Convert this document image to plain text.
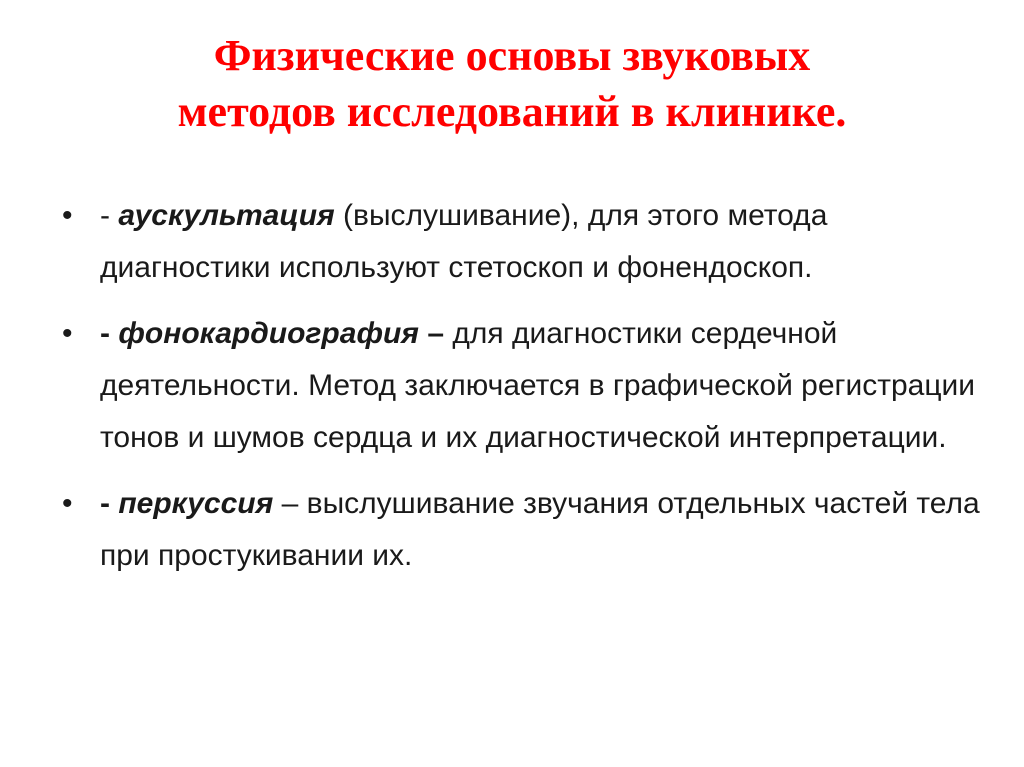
Физические основы звуковых
методов исследований в клинике.
• - аускультация (выслушивание), для этого метода диагностики используют стетоскоп и фонендоскоп.
• - фонокардиография – для диагностики сердечной деятельности. Метод заключается в графической регистрации тонов и шумов сердца и их диагностической интерпретации.
• - перкуссия – выслушивание звучания отдельных частей тела при простукивании их.
